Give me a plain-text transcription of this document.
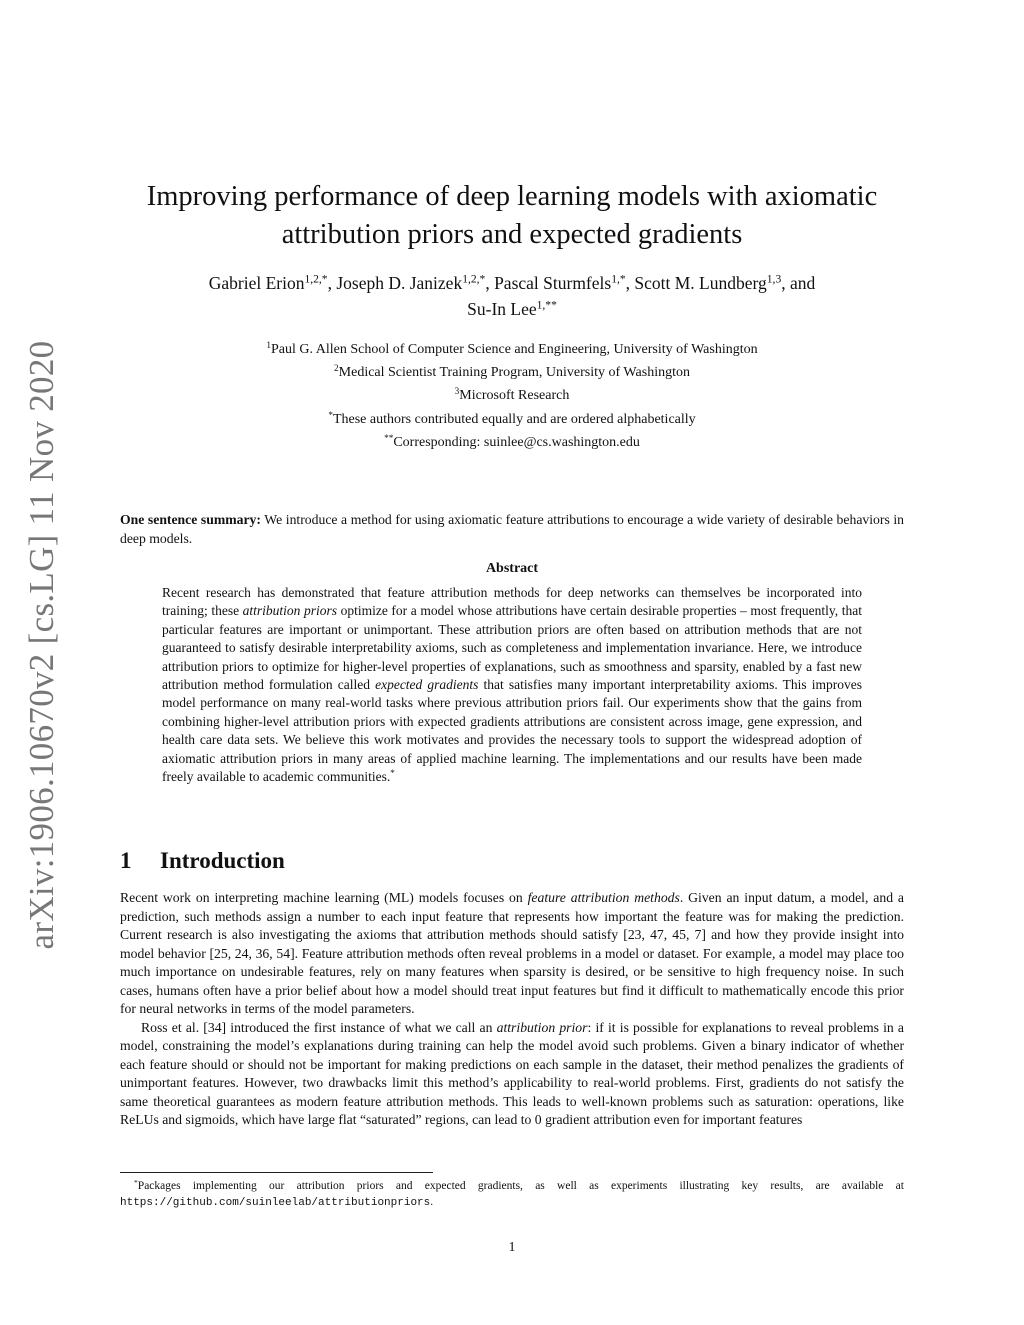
arXiv:1906.10670v2 [cs.LG] 11 Nov 2020
Improving performance of deep learning models with axiomatic
attribution priors and expected gradients
Gabriel Erion$^{1,2,*}$, Joseph D. Janizek$^{1,2,*}$, Pascal Sturmfels$^{1,*}$, Scott M. Lundberg$^{1,3}$, and
Su-In Lee$^{1,**}$
$^1$Paul G. Allen School of Computer Science and Engineering, University of Washington
$^2$Medical Scientist Training Program, University of Washington
$^3$Microsoft Research
*These authors contributed equally and are ordered alphabetically
**Corresponding: suinlee@cs.washington.edu
One sentence summary: We introduce a method for using axiomatic feature attributions to encourage a wide variety of desirable behaviors in deep models.
Abstract
Recent research has demonstrated that feature attribution methods for deep networks can themselves be incorporated into training; these attribution priors optimize for a model whose attributions have certain desirable properties – most frequently, that particular features are important or unimportant. These attribution priors are often based on attribution methods that are not guaranteed to satisfy desirable interpretability axioms, such as completeness and implementation invariance. Here, we introduce attribution priors to optimize for higher-level properties of explanations, such as smoothness and sparsity, enabled by a fast new attribution method formulation called expected gradients that satisfies many important interpretability axioms. This improves model performance on many real-world tasks where previous attribution priors fail. Our experiments show that the gains from combining higher-level attribution priors with expected gradients attributions are consistent across image, gene expression, and health care data sets. We believe this work motivates and provides the necessary tools to support the widespread adoption of axiomatic attribution priors in many areas of applied machine learning. The implementations and our results have been made freely available to academic communities.*
1 Introduction

Recent work on interpreting machine learning (ML) models focuses on feature attribution methods. Given an input datum, a model, and a prediction, such methods assign a number to each input feature that represents how important the feature was for making the prediction. Current research is also investigating the axioms that attribution methods should satisfy [23, 47, 45, 7] and how they provide insight into model behavior [25, 24, 36, 54]. Feature attribution methods often reveal problems in a model or dataset. For example, a model may place too much importance on undesirable features, rely on many features when sparsity is desired, or be sensitive to high frequency noise. In such cases, humans often have a prior belief about how a model should treat input features but find it difficult to mathematically encode this prior for neural networks in terms of the model parameters.

Ross et al. [34] introduced the first instance of what we call an attribution prior: if it is possible for explanations to reveal problems in a model, constraining the model’s explanations during training can help the model avoid such problems. Given a binary indicator of whether each feature should or should not be important for making predictions on each sample in the dataset, their method penalizes the gradients of unimportant features. However, two drawbacks limit this method’s applicability to real-world problems. First, gradients do not satisfy the same theoretical guarantees as modern feature attribution methods. This leads to well-known problems such as saturation: operations, like ReLUs and sigmoids, which have large flat “saturated” regions, can lead to 0 gradient attribution even for important features

*Packages implementing our attribution priors and expected gradients, as well as experiments illustrating key results, are available at https://github.com/suinleelab/attributionpriors.
1
